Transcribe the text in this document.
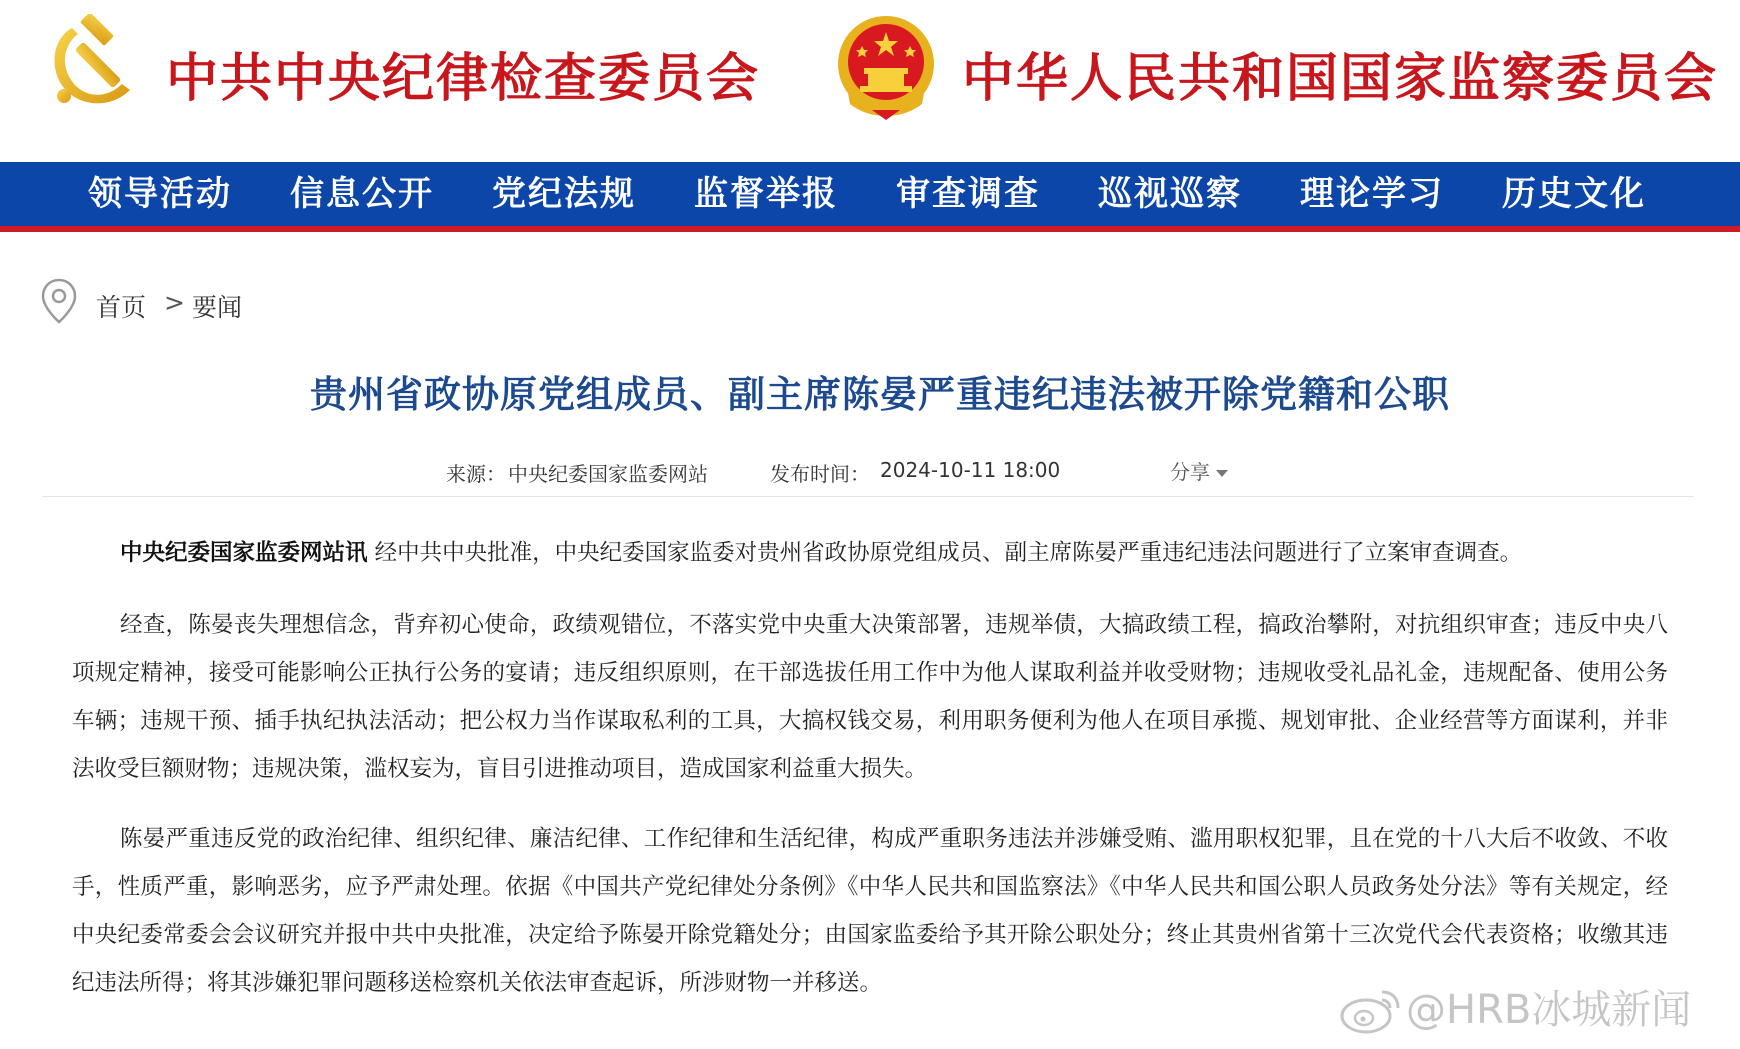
中共中央纪律检查委员会	中华人民共和国国家监察委员会
领导活动	信息公开	党纪法规	监督举报	审查调查	巡视巡察	理论学习	历史文化
首页 > 要闻
贵州省政协原党组成员、副主席陈晏严重违纪违法被开除党籍和公职
来源： 中央纪委国家监委网站	发布时间： 2024-10-11 18:00	分享

中央纪委国家监委网站讯 经中共中央批准，中央纪委国家监委对贵州省政协原党组成员、副主席陈晏严重违纪违法问题进行了立案审查调查。

经查，陈晏丧失理想信念，背弃初心使命，政绩观错位，不落实党中央重大决策部署，违规举债，大搞政绩工程，搞政治攀附，对抗组织审查；违反中央八项规定精神，接受可能影响公正执行公务的宴请；违反组织原则，在干部选拔任用工作中为他人谋取利益并收受财物；违规收受礼品礼金，违规配备、使用公务车辆；违规干预、插手执纪执法活动；把公权力当作谋取私利的工具，大搞权钱交易，利用职务便利为他人在项目承揽、规划审批、企业经营等方面谋利，并非法收受巨额财物；违规决策，滥权妄为，盲目引进推动项目，造成国家利益重大损失。

陈晏严重违反党的政治纪律、组织纪律、廉洁纪律、工作纪律和生活纪律，构成严重职务违法并涉嫌受贿、滥用职权犯罪，且在党的十八大后不收敛、不收手，性质严重，影响恶劣，应予严肃处理。依据《中国共产党纪律处分条例》《中华人民共和国监察法》《中华人民共和国公职人员政务处分法》等有关规定，经中央纪委常委会会议研究并报中共中央批准，决定给予陈晏开除党籍处分；由国家监委给予其开除公职处分；终止其贵州省第十三次党代会代表资格；收缴其违纪违法所得；将其涉嫌犯罪问题移送检察机关依法审查起诉，所涉财物一并移送。

@HRB冰城新闻
